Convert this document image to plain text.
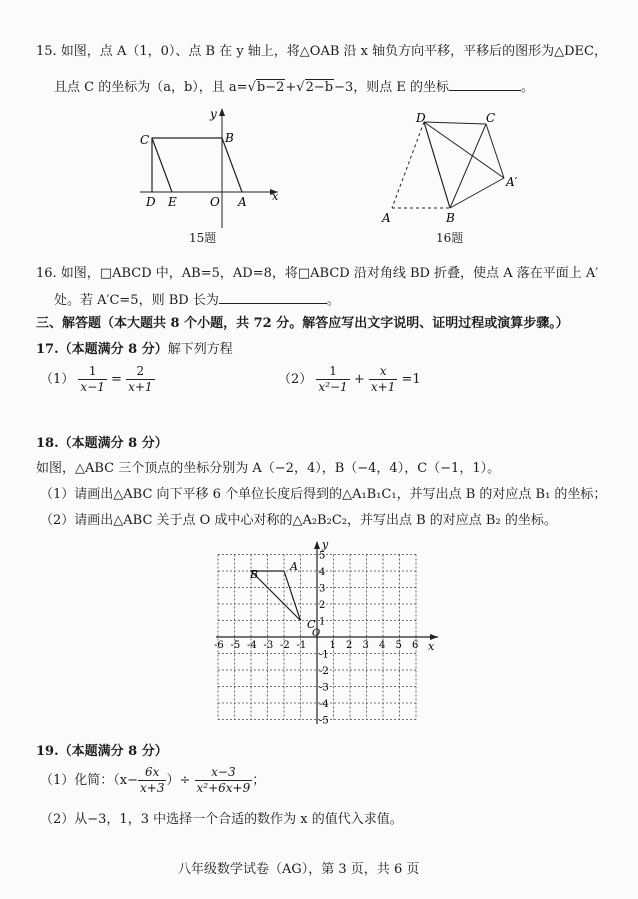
15. 如图，点 A（1，0）、点 B 在 y 轴上，将△OAB 沿 x 轴负方向平移，平移后的图形为△DEC，
且点 C 的坐标为（a，b），且 a=√b−2+√2−b−3，则点 E 的坐标	。
y
x
C	B
D E	O A
15题
D	C
A′
A	B
16题
16. 如图，□ABCD 中，AB=5，AD=8，将□ABCD 沿对角线 BD 折叠，使点 A 落在平面上 A′
处。若 A′C=5，则 BD 长为	。
三、解答题（本大题共 8 个小题，共 72 分。解答应写出文字说明、证明过程或演算步骤。）
17.（本题满分 8 分）解下列方程
$(1) \frac{1}{x-1} = \frac{2}{x+1}$	$(2) \frac{1}{\text{x²−1}} + \frac{x}{x+1} =1$
18.（本题满分 8 分）
如图，△ABC 三个顶点的坐标分别为 A（−2，4），B（−4，4），C（−1，1）。
（1）请画出△ABC 向下平移 6 个单位长度后得到的△A₁B₁C₁，并写出点 B 的对应点 B₁ 的坐标；
（2）请画出△ABC 关于点 O 成中心对称的△A₂B₂C₂，并写出点 B 的对应点 B₂ 的坐标。
-6 -5 -4 -3 -2 -1 1 2 3 4 5 6
5
4
3
2
1
-1
-2
-3
-4
-5
y
x
O
A
B
C
19.（本题满分 8 分）
（1）化简：（$x- \frac{6x}{x+3}$ ）÷ $\frac{x-3}{\text{x²+6x+9}}$ ；
（2）从−3，1，3 中选择一个合适的数作为 x 的值代入求值。
八年级数学试卷（AG），第 3 页，共 6 页
